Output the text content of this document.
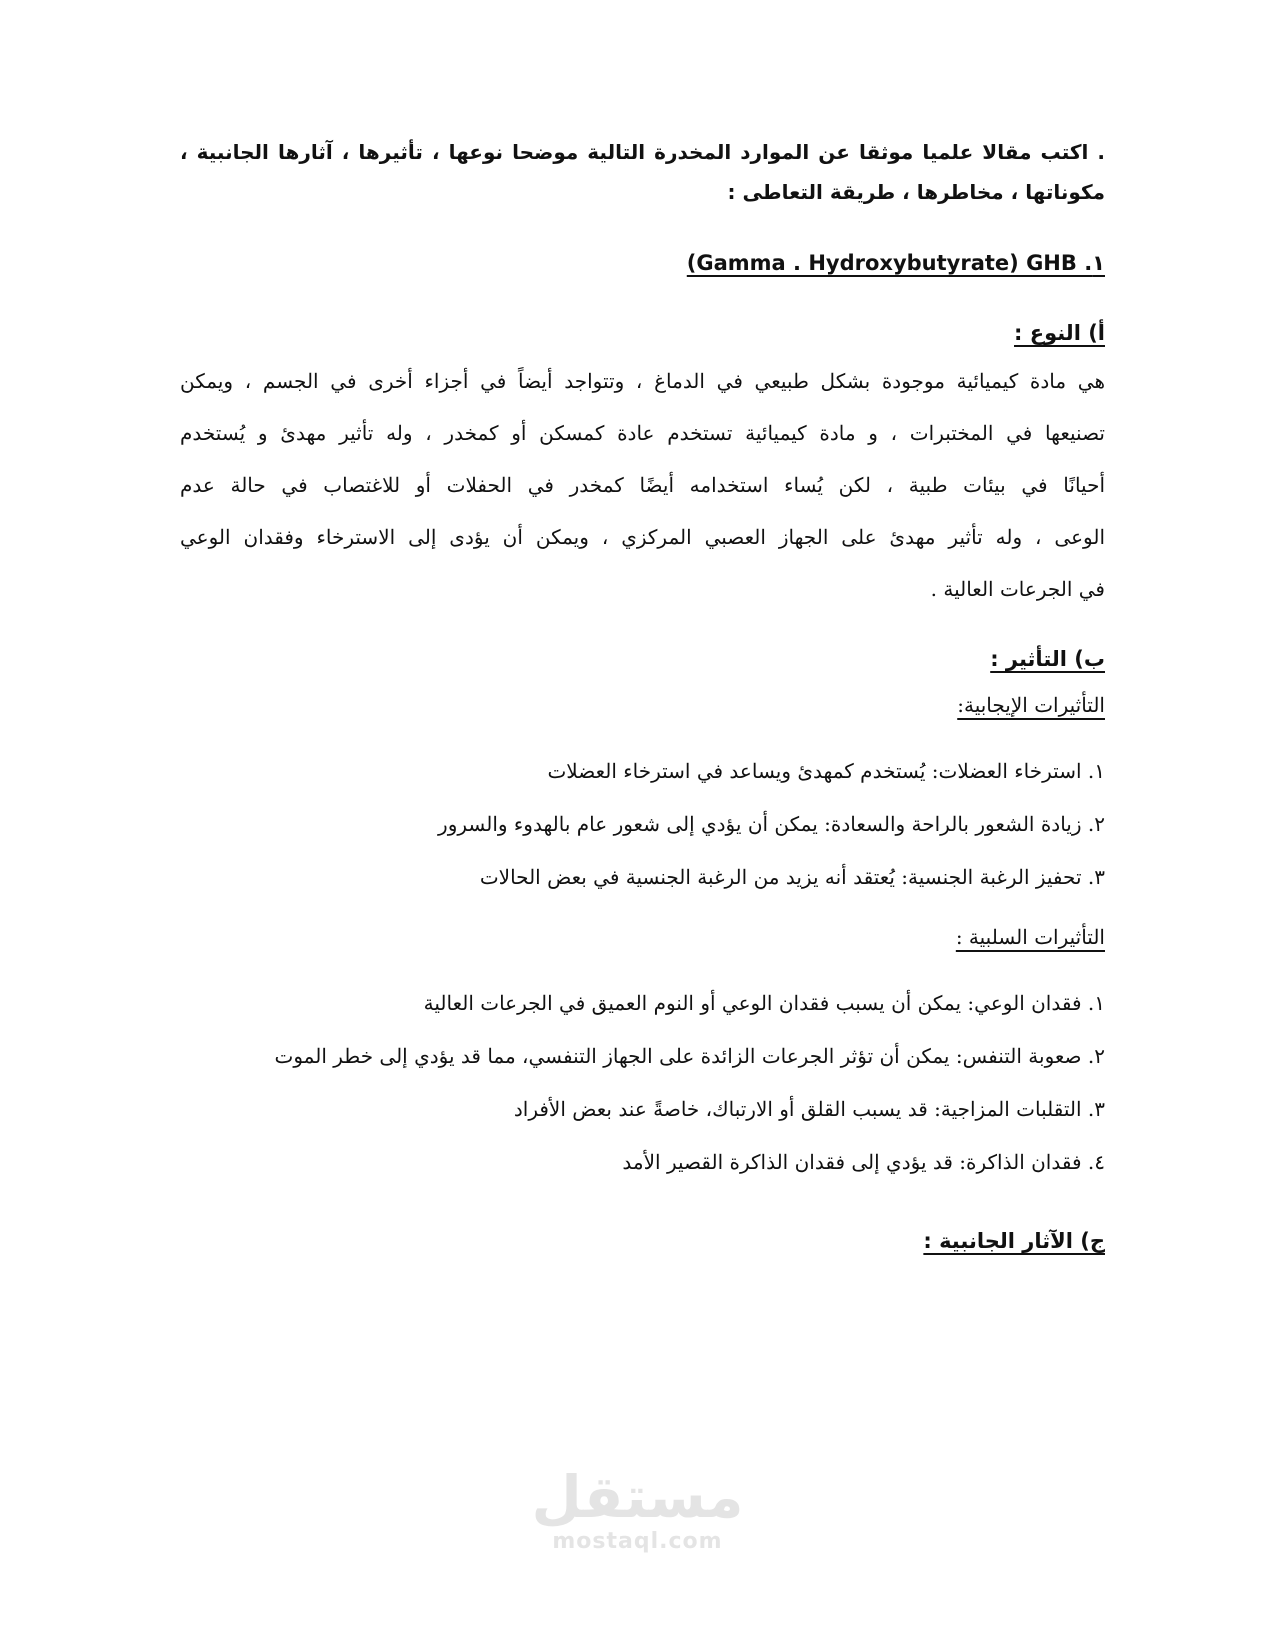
. اكتب مقالا علميا موثقا عن الموارد المخدرة التالية موضحا نوعها ، تأثيرها ، آثارها الجانبية ،
مكوناتها ، مخاطرها ، طريقة التعاطى :
(Gamma . Hydroxybutyrate) GHB .١
أ) النوع :
هي مادة كيميائية موجودة بشكل طبيعي في الدماغ ، وتتواجد أيضاً في أجزاء أخرى في الجسم ، ويمكن
تصنيعها في المختبرات ، و مادة كيميائية تستخدم عادة كمسكن أو كمخدر ، وله تأثير مهدئ و يُستخدم
أحيانًا في بيئات طبية ، لكن يُساء استخدامه أيضًا كمخدر في الحفلات أو للاغتصاب في حالة عدم
الوعى ، وله تأثير مهدئ على الجهاز العصبي المركزي ، ويمكن أن يؤدى إلى الاسترخاء وفقدان الوعي
في الجرعات العالية .
ب) التأثير :
التأثيرات الإيجابية:
١. استرخاء العضلات: يُستخدم كمهدئ ويساعد في استرخاء العضلات
٢. زيادة الشعور بالراحة والسعادة: يمكن أن يؤدي إلى شعور عام بالهدوء والسرور
٣. تحفيز الرغبة الجنسية: يُعتقد أنه يزيد من الرغبة الجنسية في بعض الحالات
التأثيرات السلبية :
١. فقدان الوعي: يمكن أن يسبب فقدان الوعي أو النوم العميق في الجرعات العالية
٢. صعوبة التنفس: يمكن أن تؤثر الجرعات الزائدة على الجهاز التنفسي، مما قد يؤدي إلى خطر الموت
٣. التقلبات المزاجية: قد يسبب القلق أو الارتباك، خاصةً عند بعض الأفراد
٤. فقدان الذاكرة: قد يؤدي إلى فقدان الذاكرة القصير الأمد
ج) الآثار الجانبية :
مستقل
mostaql.com
